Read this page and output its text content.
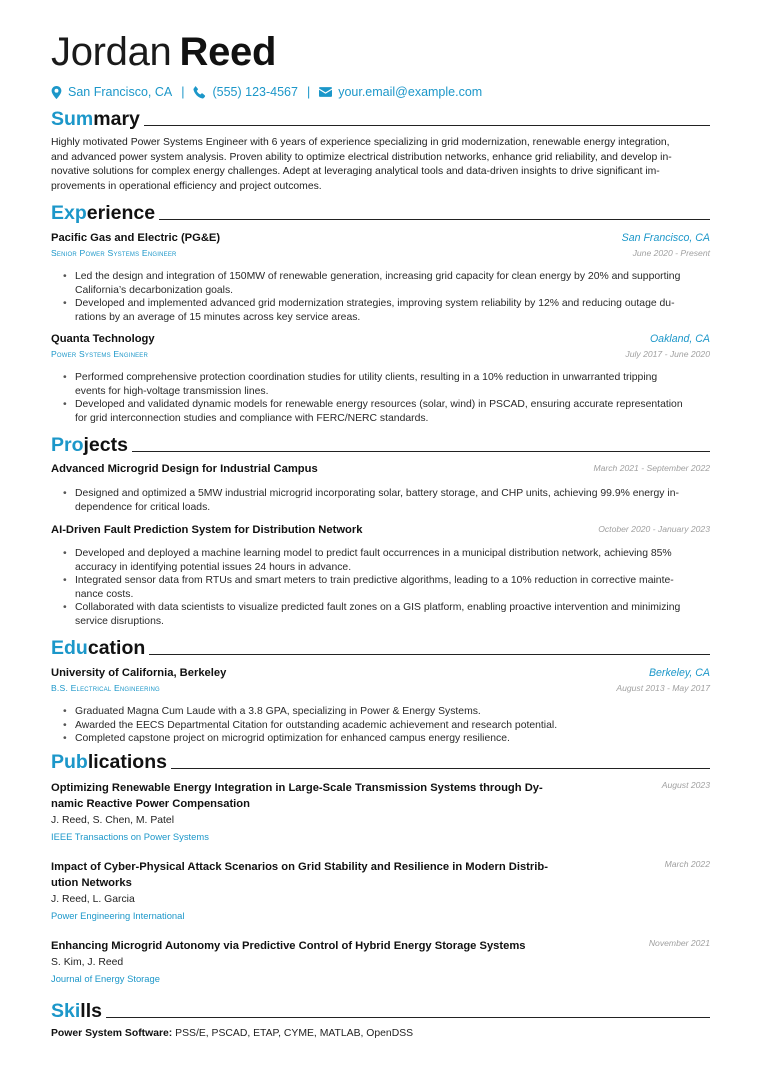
Jordan Reed
San Francisco, CA | (555) 123-4567 | your.email@example.com
Sum mary
Highly motivated Power Systems Engineer with 6 years of experience specializing in grid modernization, renewable energy integration,
and advanced power system analysis. Proven ability to optimize electrical distribution networks, enhance grid reliability, and develop in-
novative solutions for complex energy challenges. Adept at leveraging analytical tools and data-driven insights to drive significant im-
provements in operational efficiency and project outcomes.
Exp erience
Pacific Gas and Electric (PG&E)	San Francisco, CA
Senior Power Systems Engineer	June 2020 - Present
• Led the design and integration of 150MW of renewable generation, increasing grid capacity for clean energy by 20% and supporting
California’s decarbonization goals.
• Developed and implemented advanced grid modernization strategies, improving system reliability by 12% and reducing outage du-
rations by an average of 15 minutes across key service areas.
Quanta Technology	Oakland, CA
Power Systems Engineer	July 2017 - June 2020
• Performed comprehensive protection coordination studies for utility clients, resulting in a 10% reduction in unwarranted tripping
events for high-voltage transmission lines.
• Developed and validated dynamic models for renewable energy resources (solar, wind) in PSCAD, ensuring accurate representation
for grid interconnection studies and compliance with FERC/NERC standards.
Pro jects
Advanced Microgrid Design for Industrial Campus	March 2021 - September 2022
• Designed and optimized a 5MW industrial microgrid incorporating solar, battery storage, and CHP units, achieving 99.9% energy in-
dependence for critical loads.
AI-Driven Fault Prediction System for Distribution Network	October 2020 - January 2023
• Developed and deployed a machine learning model to predict fault occurrences in a municipal distribution network, achieving 85%
accuracy in identifying potential issues 24 hours in advance.
• Integrated sensor data from RTUs and smart meters to train predictive algorithms, leading to a 10% reduction in corrective mainte-
nance costs.
• Collaborated with data scientists to visualize predicted fault zones on a GIS platform, enabling proactive intervention and minimizing
service disruptions.
Edu cation
University of California, Berkeley	Berkeley, CA
B.S. Electrical Engineering	August 2013 - May 2017
• Graduated Magna Cum Laude with a 3.8 GPA, specializing in Power & Energy Systems.
• Awarded the EECS Departmental Citation for outstanding academic achievement and research potential.
• Completed capstone project on microgrid optimization for enhanced campus energy resilience.
Pub lications
August 2023
Optimizing Renewable Energy Integration in Large-Scale Transmission Systems through Dy-
namic Reactive Power Compensation
J. Reed, S. Chen, M. Patel
IEEE Transactions on Power Systems
March 2022
Impact of Cyber-Physical Attack Scenarios on Grid Stability and Resilience in Modern Distrib-
ution Networks
J. Reed, L. Garcia
Power Engineering International
November 2021
Enhancing Microgrid Autonomy via Predictive Control of Hybrid Energy Storage Systems
S. Kim, J. Reed
Journal of Energy Storage
Ski lls
Power System Software: PSS/E, PSCAD, ETAP, CYME, MATLAB, OpenDSS
